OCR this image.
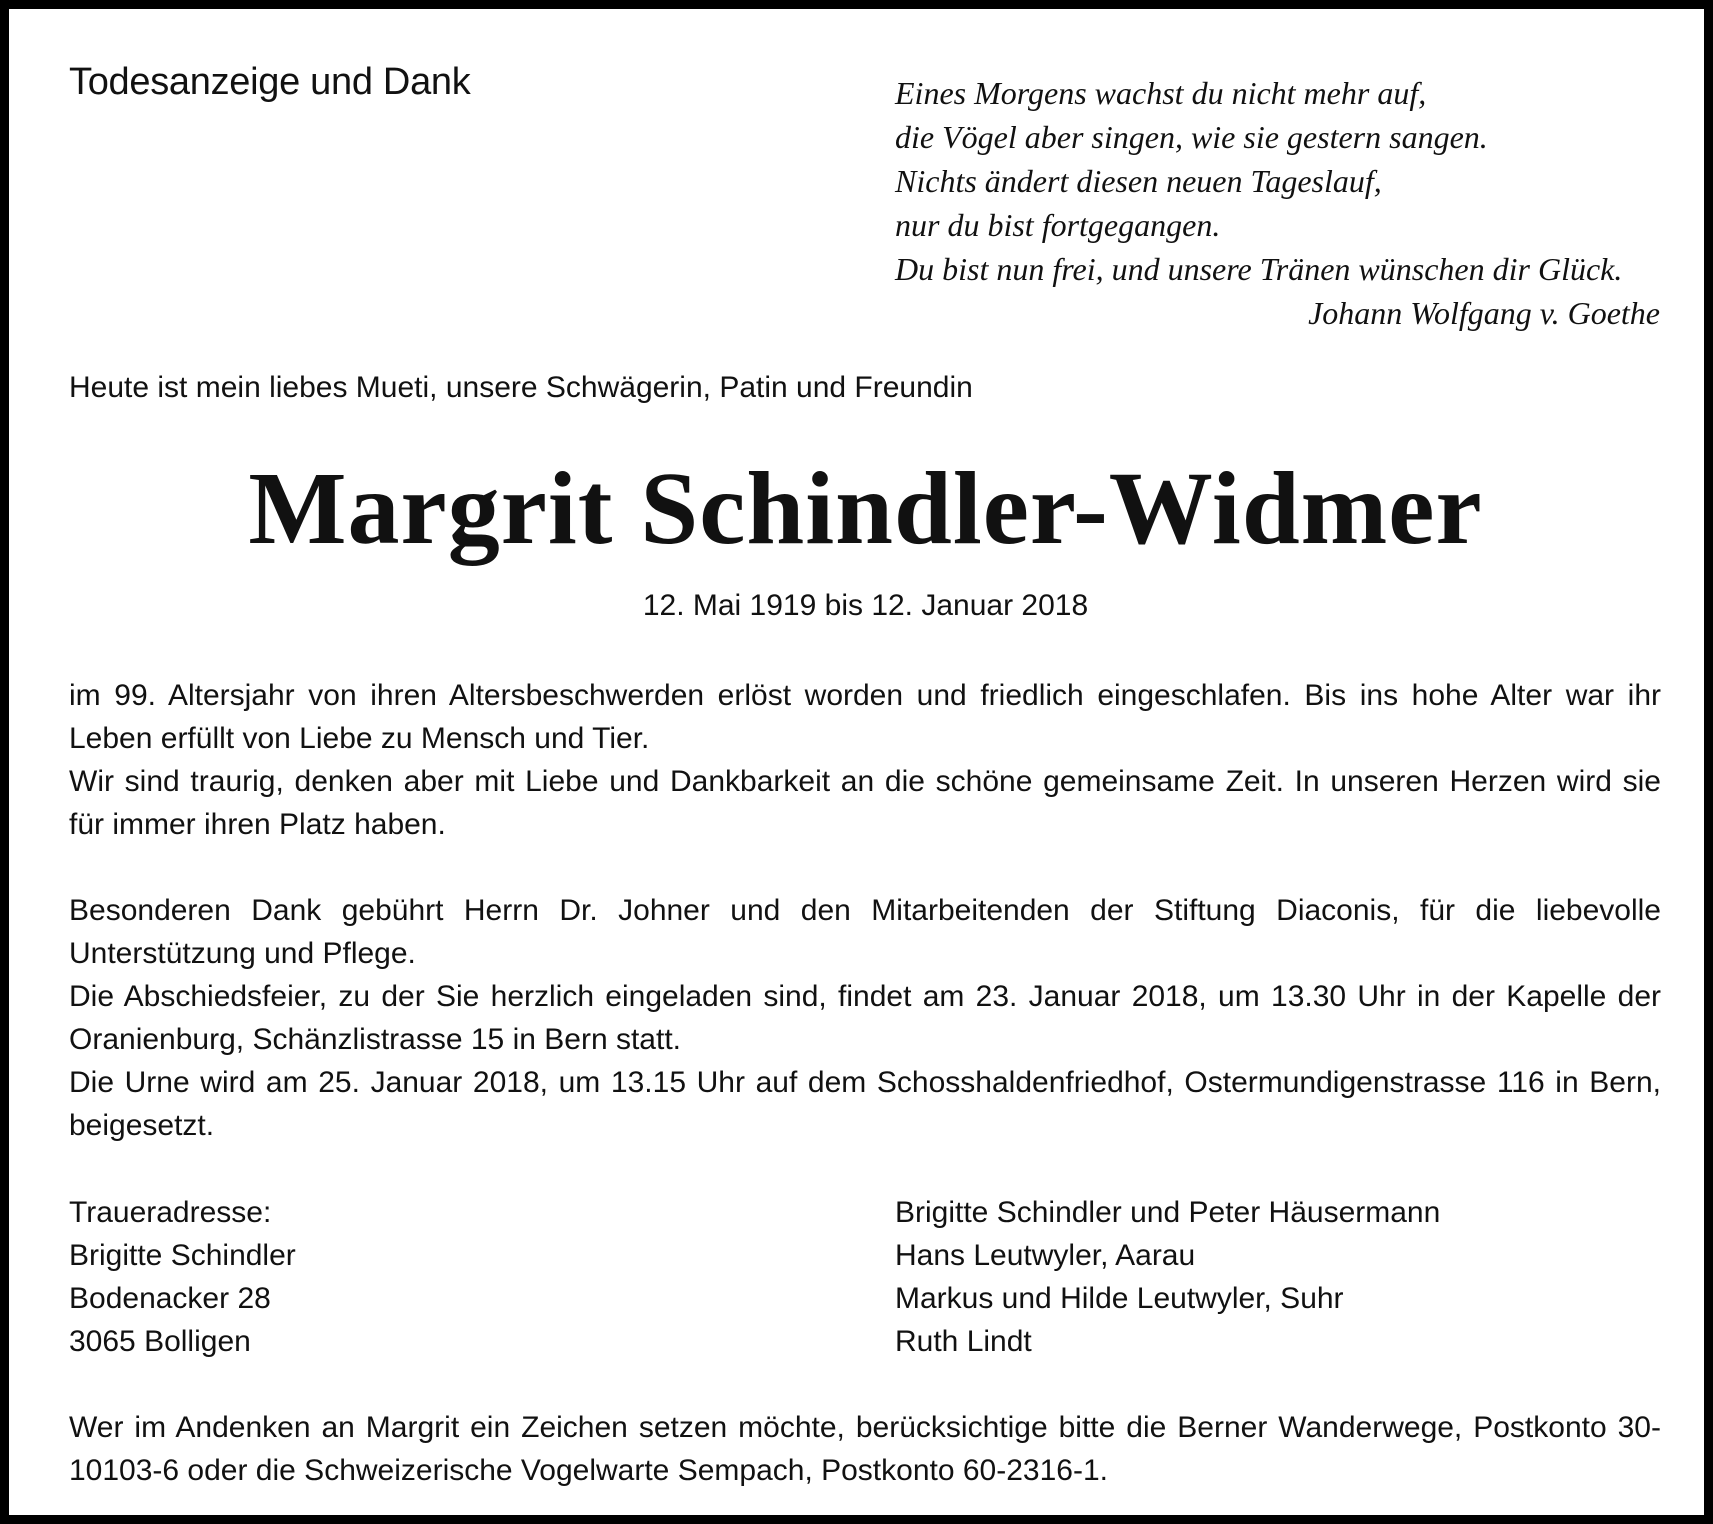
Todesanzeige und Dank	Eines Morgens wachst du nicht mehr auf,
die Vögel aber singen, wie sie gestern sangen.
Nichts ändert diesen neuen Tageslauf,
nur du bist fortgegangen.
Du bist nun frei, und unsere Tränen wünschen dir Glück.
Johann Wolfgang v. Goethe

Heute ist mein liebes Mueti, unsere Schwägerin, Patin und Freundin

Margrit Schindler-Widmer

12. Mai 1919 bis 12. Januar 2018

im 99. Altersjahr von ihren Altersbeschwerden erlöst worden und friedlich eingeschlafen. Bis ins hohe Alter war ihr Leben erfüllt von Liebe zu Mensch und Tier.
Wir sind traurig, denken aber mit Liebe und Dankbarkeit an die schöne gemeinsame Zeit. In unseren Herzen wird sie für immer ihren Platz haben.
Besonderen Dank gebührt Herrn Dr. Johner und den Mitarbeitenden der Stiftung Diaconis, für die liebevolle Unterstützung und Pflege.
Die Abschiedsfeier, zu der Sie herzlich eingeladen sind, findet am 23. Januar 2018, um 13.30 Uhr in der Kapelle der Oranienburg, Schänzlistrasse 15 in Bern statt.
Die Urne wird am 25. Januar 2018, um 13.15 Uhr auf dem Schosshaldenfriedhof, Ostermundigenstrasse 116 in Bern, beigesetzt.
Traueradresse:
Brigitte Schindler
Bodenacker 28
3065 Bolligen
Brigitte Schindler und Peter Häusermann
Hans Leutwyler, Aarau
Markus und Hilde Leutwyler, Suhr
Ruth Lindt

Wer im Andenken an Margrit ein Zeichen setzen möchte, berücksichtige bitte die Berner Wanderwege, Postkonto 30-10103-6 oder die Schweizerische Vogelwarte Sempach, Postkonto 60-2316-1.
